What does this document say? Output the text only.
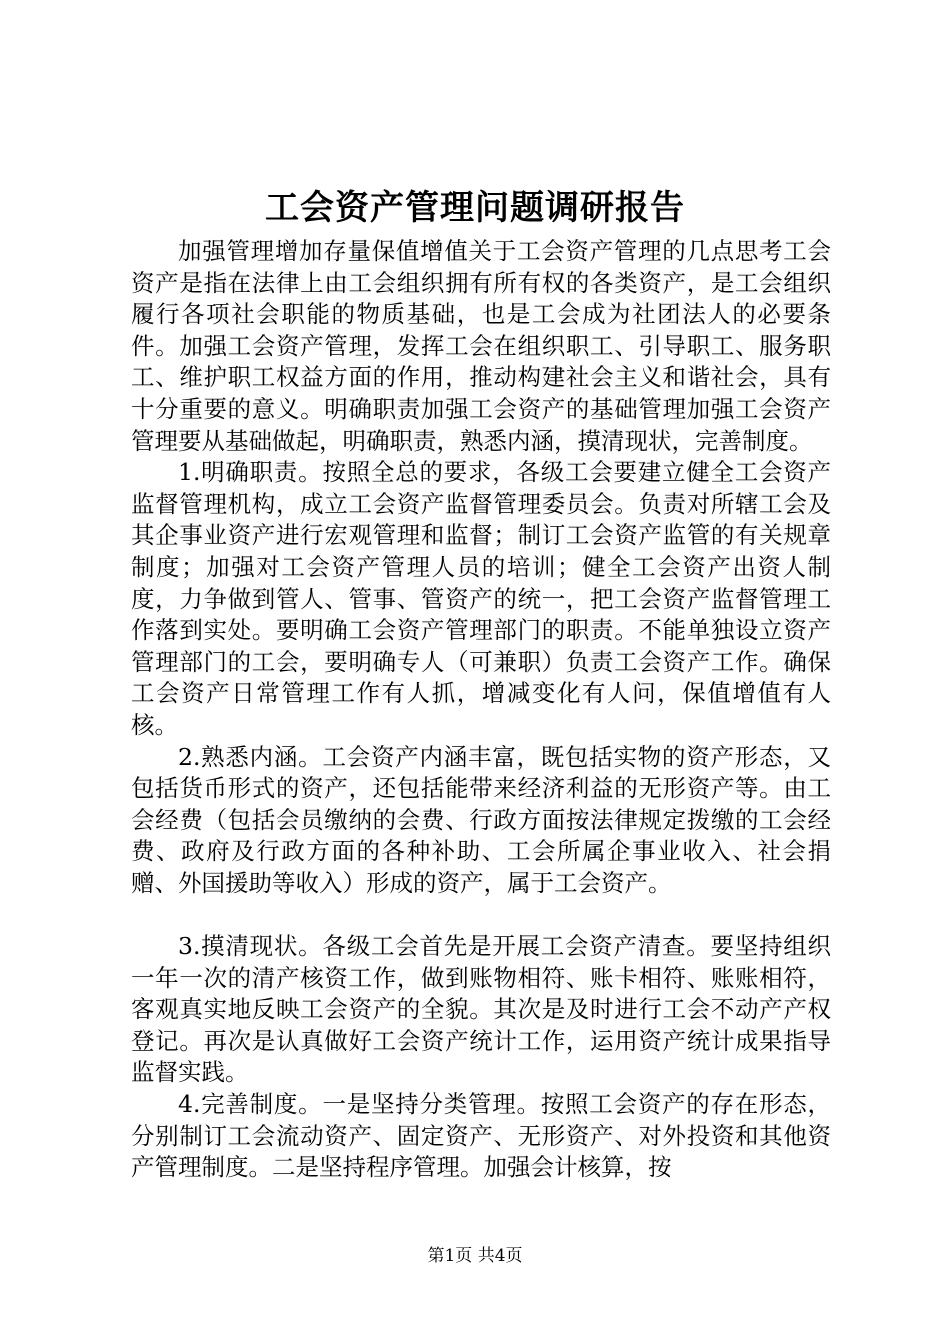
工会资产管理问题调研报告

加强管理增加存量保值增值关于工会资产管理的几点思考工会资产是指在法律上由工会组织拥有所有权的各类资产，是工会组织履行各项社会职能的物质基础，也是工会成为社团法人的必要条件。加强工会资产管理，发挥工会在组织职工、引导职工、服务职工、维护职工权益方面的作用，推动构建社会主义和谐社会，具有十分重要的意义。明确职责加强工会资产的基础管理加强工会资产管理要从基础做起，明确职责，熟悉内涵，摸清现状，完善制度。

1.明确职责。按照全总的要求，各级工会要建立健全工会资产监督管理机构，成立工会资产监督管理委员会。负责对所辖工会及其企事业资产进行宏观管理和监督；制订工会资产监管的有关规章制度；加强对工会资产管理人员的培训；健全工会资产出资人制度，力争做到管人、管事、管资产的统一，把工会资产监督管理工作落到实处。要明确工会资产管理部门的职责。不能单独设立资产管理部门的工会，要明确专人（可兼职）负责工会资产工作。确保工会资产日常管理工作有人抓，增减变化有人问，保值增值有人核。

2.熟悉内涵。工会资产内涵丰富，既包括实物的资产形态，又包括货币形式的资产，还包括能带来经济利益的无形资产等。由工会经费（包括会员缴纳的会费、行政方面按法律规定拨缴的工会经费、政府及行政方面的各种补助、工会所属企事业收入、社会捐赠、外国援助等收入）形成的资产，属于工会资产。

3.摸清现状。各级工会首先是开展工会资产清查。要坚持组织一年一次的清产核资工作，做到账物相符、账卡相符、账账相符，客观真实地反映工会资产的全貌。其次是及时进行工会不动产产权登记。再次是认真做好工会资产统计工作，运用资产统计成果指导监督实践。

4.完善制度。一是坚持分类管理。按照工会资产的存在形态，分别制订工会流动资产、固定资产、无形资产、对外投资和其他资产管理制度。二是坚持程序管理。加强会计核算，按

第1页 共4页
